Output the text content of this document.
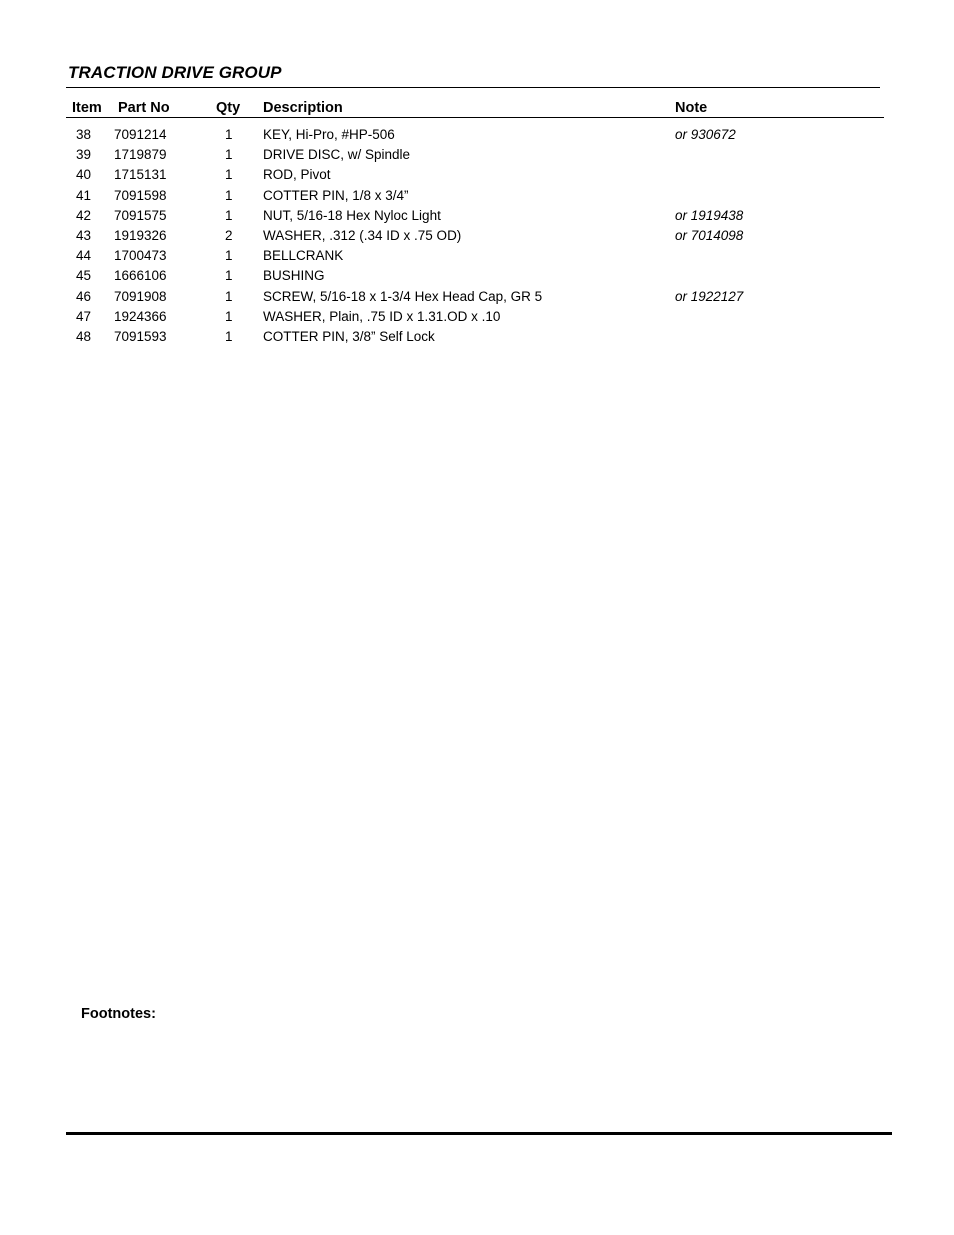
TRACTION DRIVE GROUP
Item Part No	Qty Description	Note
38 7091214	1 KEY, Hi-Pro, #HP-506	or 930672
39 1719879	1 DRIVE DISC, w/ Spindle
40 1715131	1 ROD, Pivot
41 7091598	1 COTTER PIN, 1/8 x 3/4”
42 7091575	1 NUT, 5/16-18 Hex Nyloc Light	or 1919438
43 1919326	2 WASHER, .312 (.34 ID x .75 OD)	or 7014098
44 1700473	1 BELLCRANK
45 1666106	1 BUSHING
46 7091908	1 SCREW, 5/16-18 x 1-3/4 Hex Head Cap, GR 5	or 1922127
47 1924366	1 WASHER, Plain, .75 ID x 1.31.OD x .10
48 7091593	1 COTTER PIN, 3/8” Self Lock
Footnotes:
